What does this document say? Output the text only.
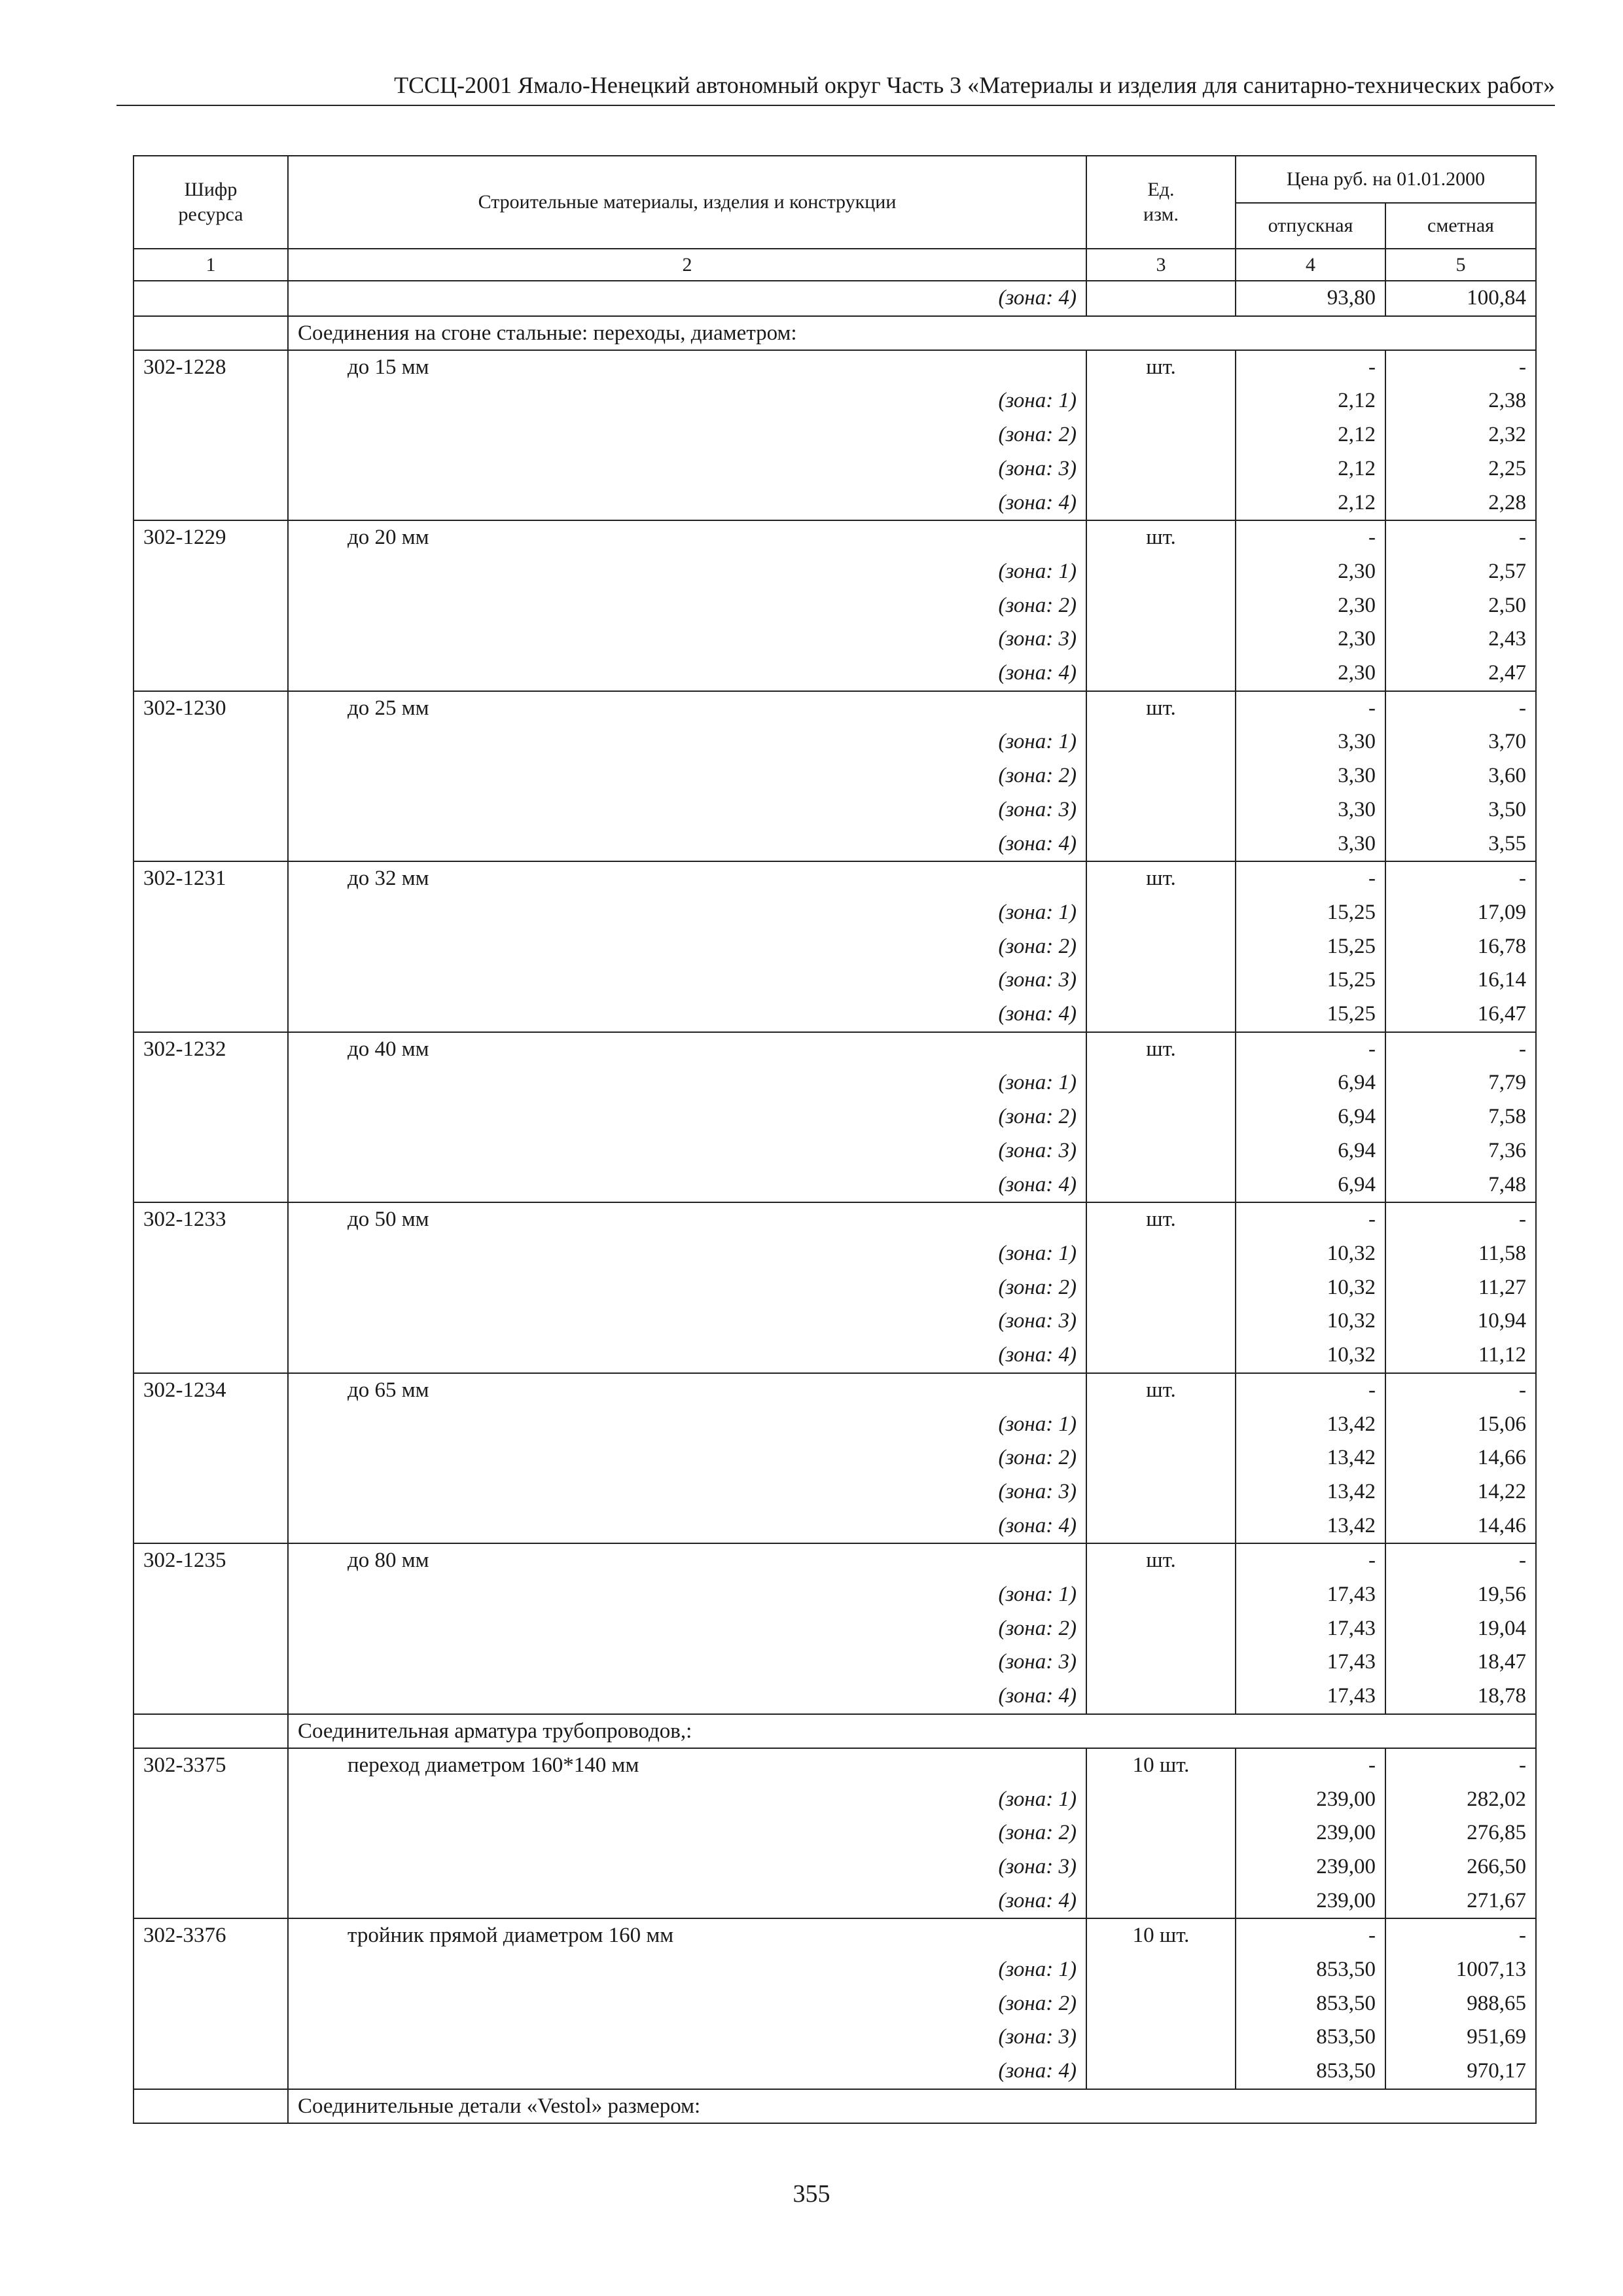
ТССЦ-2001 Ямало-Ненецкий автономный округ Часть 3 «Материалы и изделия для санитарно-технических работ»
Шифр ресурса	Строительные материалы, изделия и конструкции	Ед. изм.	Цена руб. на 01.01.2000	
			отпускная	сметная
1	2	3	4	5

	(зона: 4)		93,80	100,84
	Соединения на сгоне стальные: переходы, диаметром:			
302-1228	до 15 мм	шт.	-	-

	(зона: 1)		2,12	2,38

	(зона: 2)		2,12	2,32

	(зона: 3)		2,12	2,25

	(зона: 4)		2,12	2,28
302-1229	до 20 мм	шт.	-	-

	(зона: 1)		2,30	2,57

	(зона: 2)		2,30	2,50

	(зона: 3)		2,30	2,43

	(зона: 4)		2,30	2,47
302-1230	до 25 мм	шт.	-	-

	(зона: 1)		3,30	3,70

	(зона: 2)		3,30	3,60

	(зона: 3)		3,30	3,50

	(зона: 4)		3,30	3,55
302-1231	до 32 мм	шт.	-	-

	(зона: 1)		15,25	17,09

	(зона: 2)		15,25	16,78

	(зона: 3)		15,25	16,14

	(зона: 4)		15,25	16,47
302-1232	до 40 мм	шт.	-	-

	(зона: 1)		6,94	7,79

	(зона: 2)		6,94	7,58

	(зона: 3)		6,94	7,36

	(зона: 4)		6,94	7,48
302-1233	до 50 мм	шт.	-	-

	(зона: 1)		10,32	11,58

	(зона: 2)		10,32	11,27

	(зона: 3)		10,32	10,94

	(зона: 4)		10,32	11,12
302-1234	до 65 мм	шт.	-	-

	(зона: 1)		13,42	15,06

	(зона: 2)		13,42	14,66

	(зона: 3)		13,42	14,22

	(зона: 4)		13,42	14,46
302-1235	до 80 мм	шт.	-	-

	(зона: 1)		17,43	19,56

	(зона: 2)		17,43	19,04

	(зона: 3)		17,43	18,47

	(зона: 4)		17,43	18,78
	Соединительная арматура трубопроводов,:			
302-3375	переход диаметром 160*140 мм	10 шт.	-	-

	(зона: 1)		239,00	282,02

	(зона: 2)		239,00	276,85

	(зона: 3)		239,00	266,50

	(зона: 4)		239,00	271,67
302-3376	тройник прямой диаметром 160 мм	10 шт.	-	-

	(зона: 1)		853,50	1007,13

	(зона: 2)		853,50	988,65

	(зона: 3)		853,50	951,69

	(зона: 4)		853,50	970,17
	Соединительные детали «Vestol» размером:			
355
